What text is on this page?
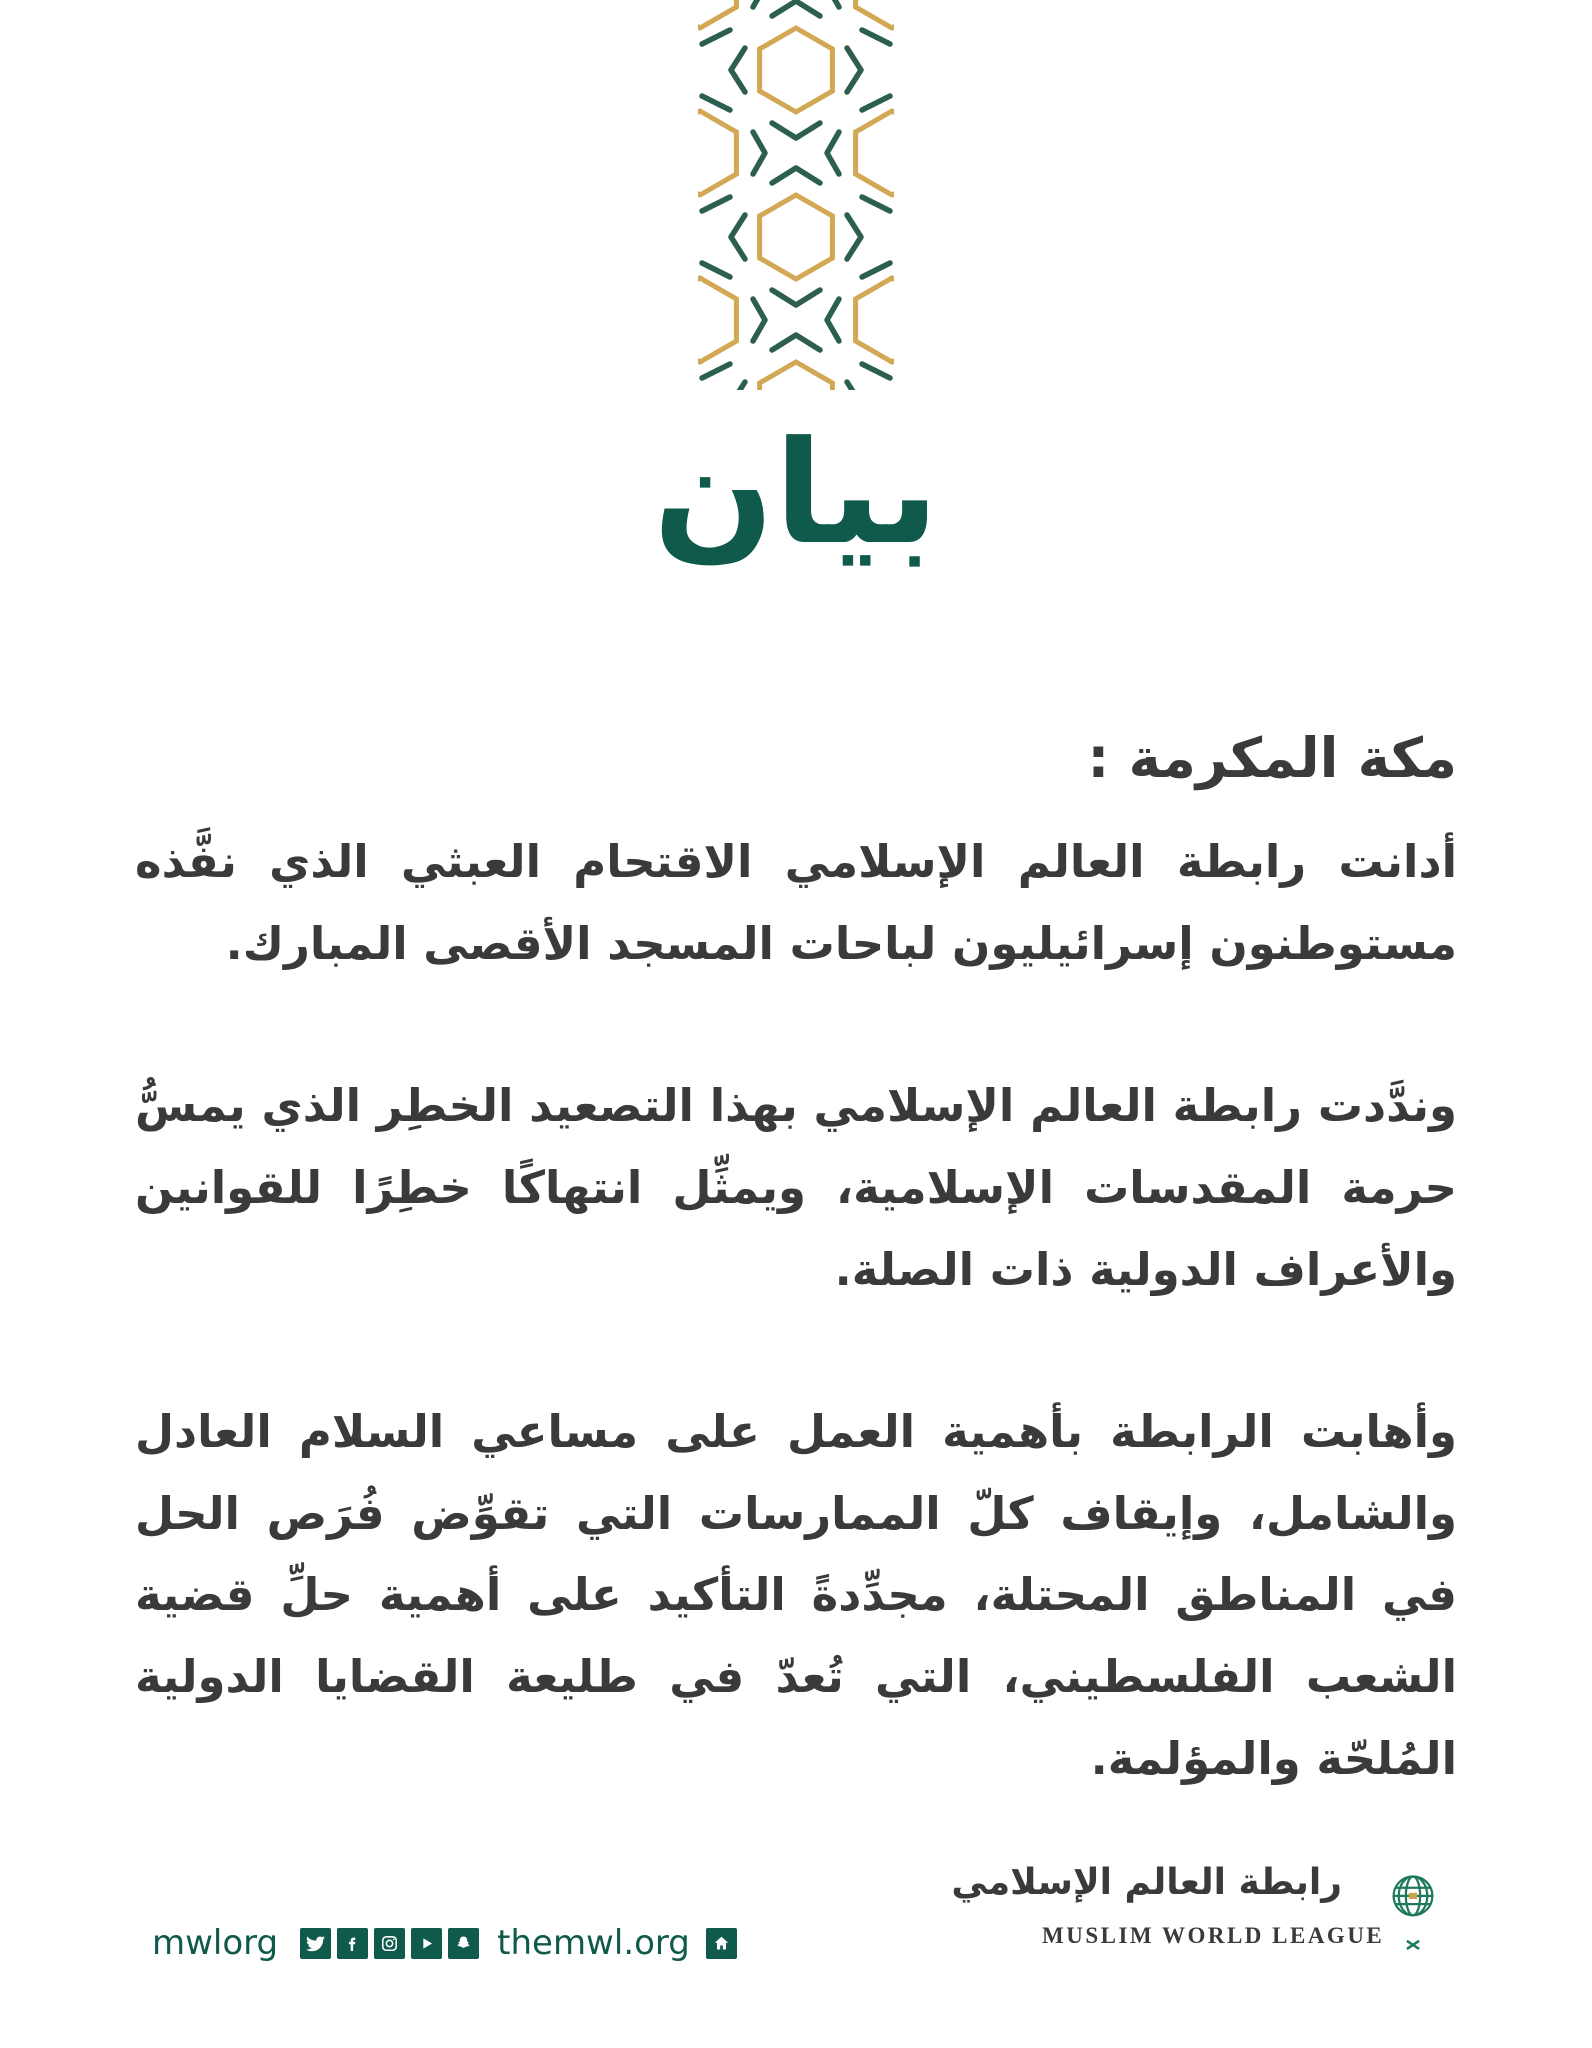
بيان
مكة المكرمة :

أدانت رابطة العالم الإسلامي الاقتحام العبثي الذي نفَّذه مستوطنون إسرائيليون لباحات المسجد الأقصى المبارك.

وندَّدت رابطة العالم الإسلامي بهذا التصعيد الخطِر الذي يمسُّ حرمة المقدسات الإسلامية، ويمثِّل انتهاكًا خطِرًا للقوانين والأعراف الدولية ذات الصلة.

وأهابت الرابطة بأهمية العمل على مساعي السلام العادل والشامل، وإيقاف كلّ الممارسات التي تقوِّض فُرَص الحل في المناطق المحتلة، مجدِّدةً التأكيد على أهمية حلِّ قضية الشعب الفلسطيني، التي تُعدّ في طليعة القضايا الدولية المُلحّة والمؤلمة.

mwlorg	themwl.org
رابطة العالم الإسلامي
MUSLIM WORLD LEAGUE
